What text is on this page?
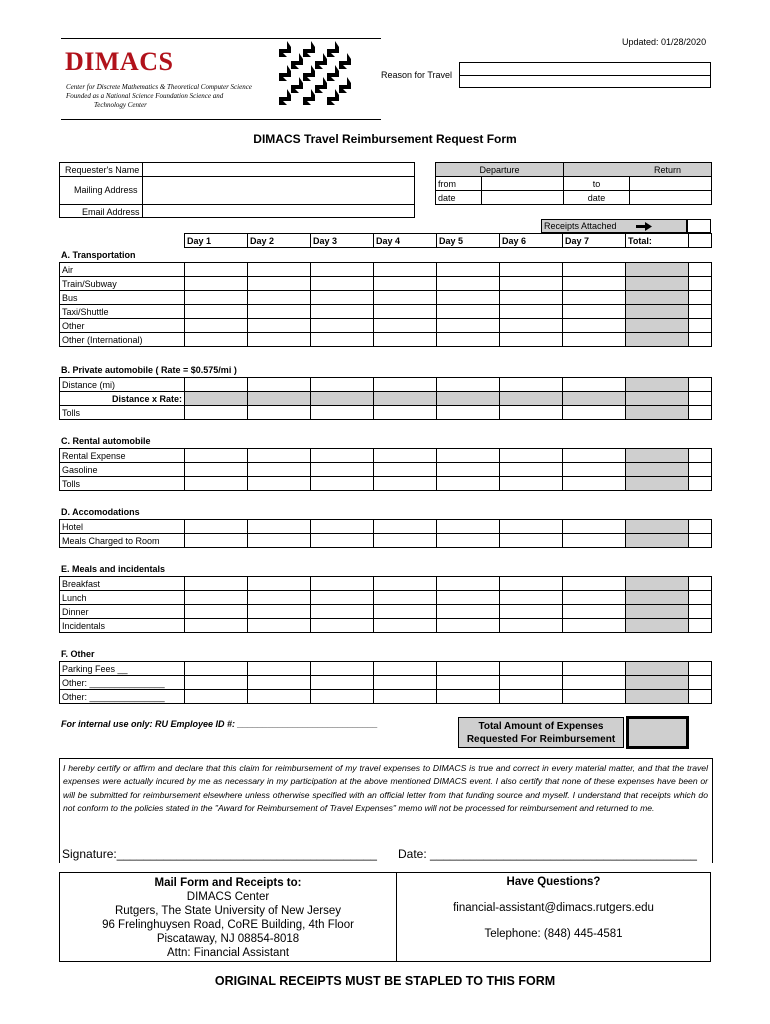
Updated: 01/28/2020
DIMACS
Center for Discrete Mathematics & Theoretical Computer Science
Founded as a National Science Foundation Science and
Technology Center
Reason for Travel
DIMACS Travel Reimbursement Request Form
Requester's Name
Mailing Address
Email Address
Departure		Return	
from		to	
date		date	
Receipts Attached
Day 1	Day 2	Day 3	Day 4	Day 5	Day 6	Day 7	Total:	
A. Transportation
Air									
Train/Subway									
Bus									
Taxi/Shuttle									
Other									
Other (International)									
B. Private automobile ( Rate = $0.575/mi )
Distance (mi)									
Distance x Rate:									
Tolls									
C. Rental automobile
Rental Expense									
Gasoline									
Tolls									
D. Accomodations
Hotel									
Meals Charged to Room									
E. Meals and incidentals
Breakfast									
Lunch									
Dinner									
Incidentals									
F. Other
Parking Fees __									
Other: _______________									
Other: _______________									
For internal use only: RU Employee ID #: ____________________________	Total Amount of Expenses
Requested For Reimbursement
I hereby certify or affirm and declare that this claim for reimbursement of my travel expenses to DIMACS is true and correct in every material matter, and that the travel expenses were actually incured by me as necessary in my participation at the above mentioned DIMACS event. I also certify that none of these expenses have been or will be submitted for reimbursement elsewhere unless otherwise specified with an official letter from that funding source and myself. I understand that receipts which do not conform to the policies stated in the "Award for Reimbursement of Travel Expenses" memo will not be processed for reimbursement and returned to me.
Signature:_______________________________________ Date: ________________________________________
Mail Form and Receipts to:
DIMACS Center
Rutgers, The State University of New Jersey
96 Frelinghuysen Road, CoRE Building, 4th Floor
Piscataway, NJ 08854-8018
Attn: Financial Assistant
Have Questions?
financial-assistant@dimacs.rutgers.edu
Telephone: (848) 445-4581
ORIGINAL RECEIPTS MUST BE STAPLED TO THIS FORM
